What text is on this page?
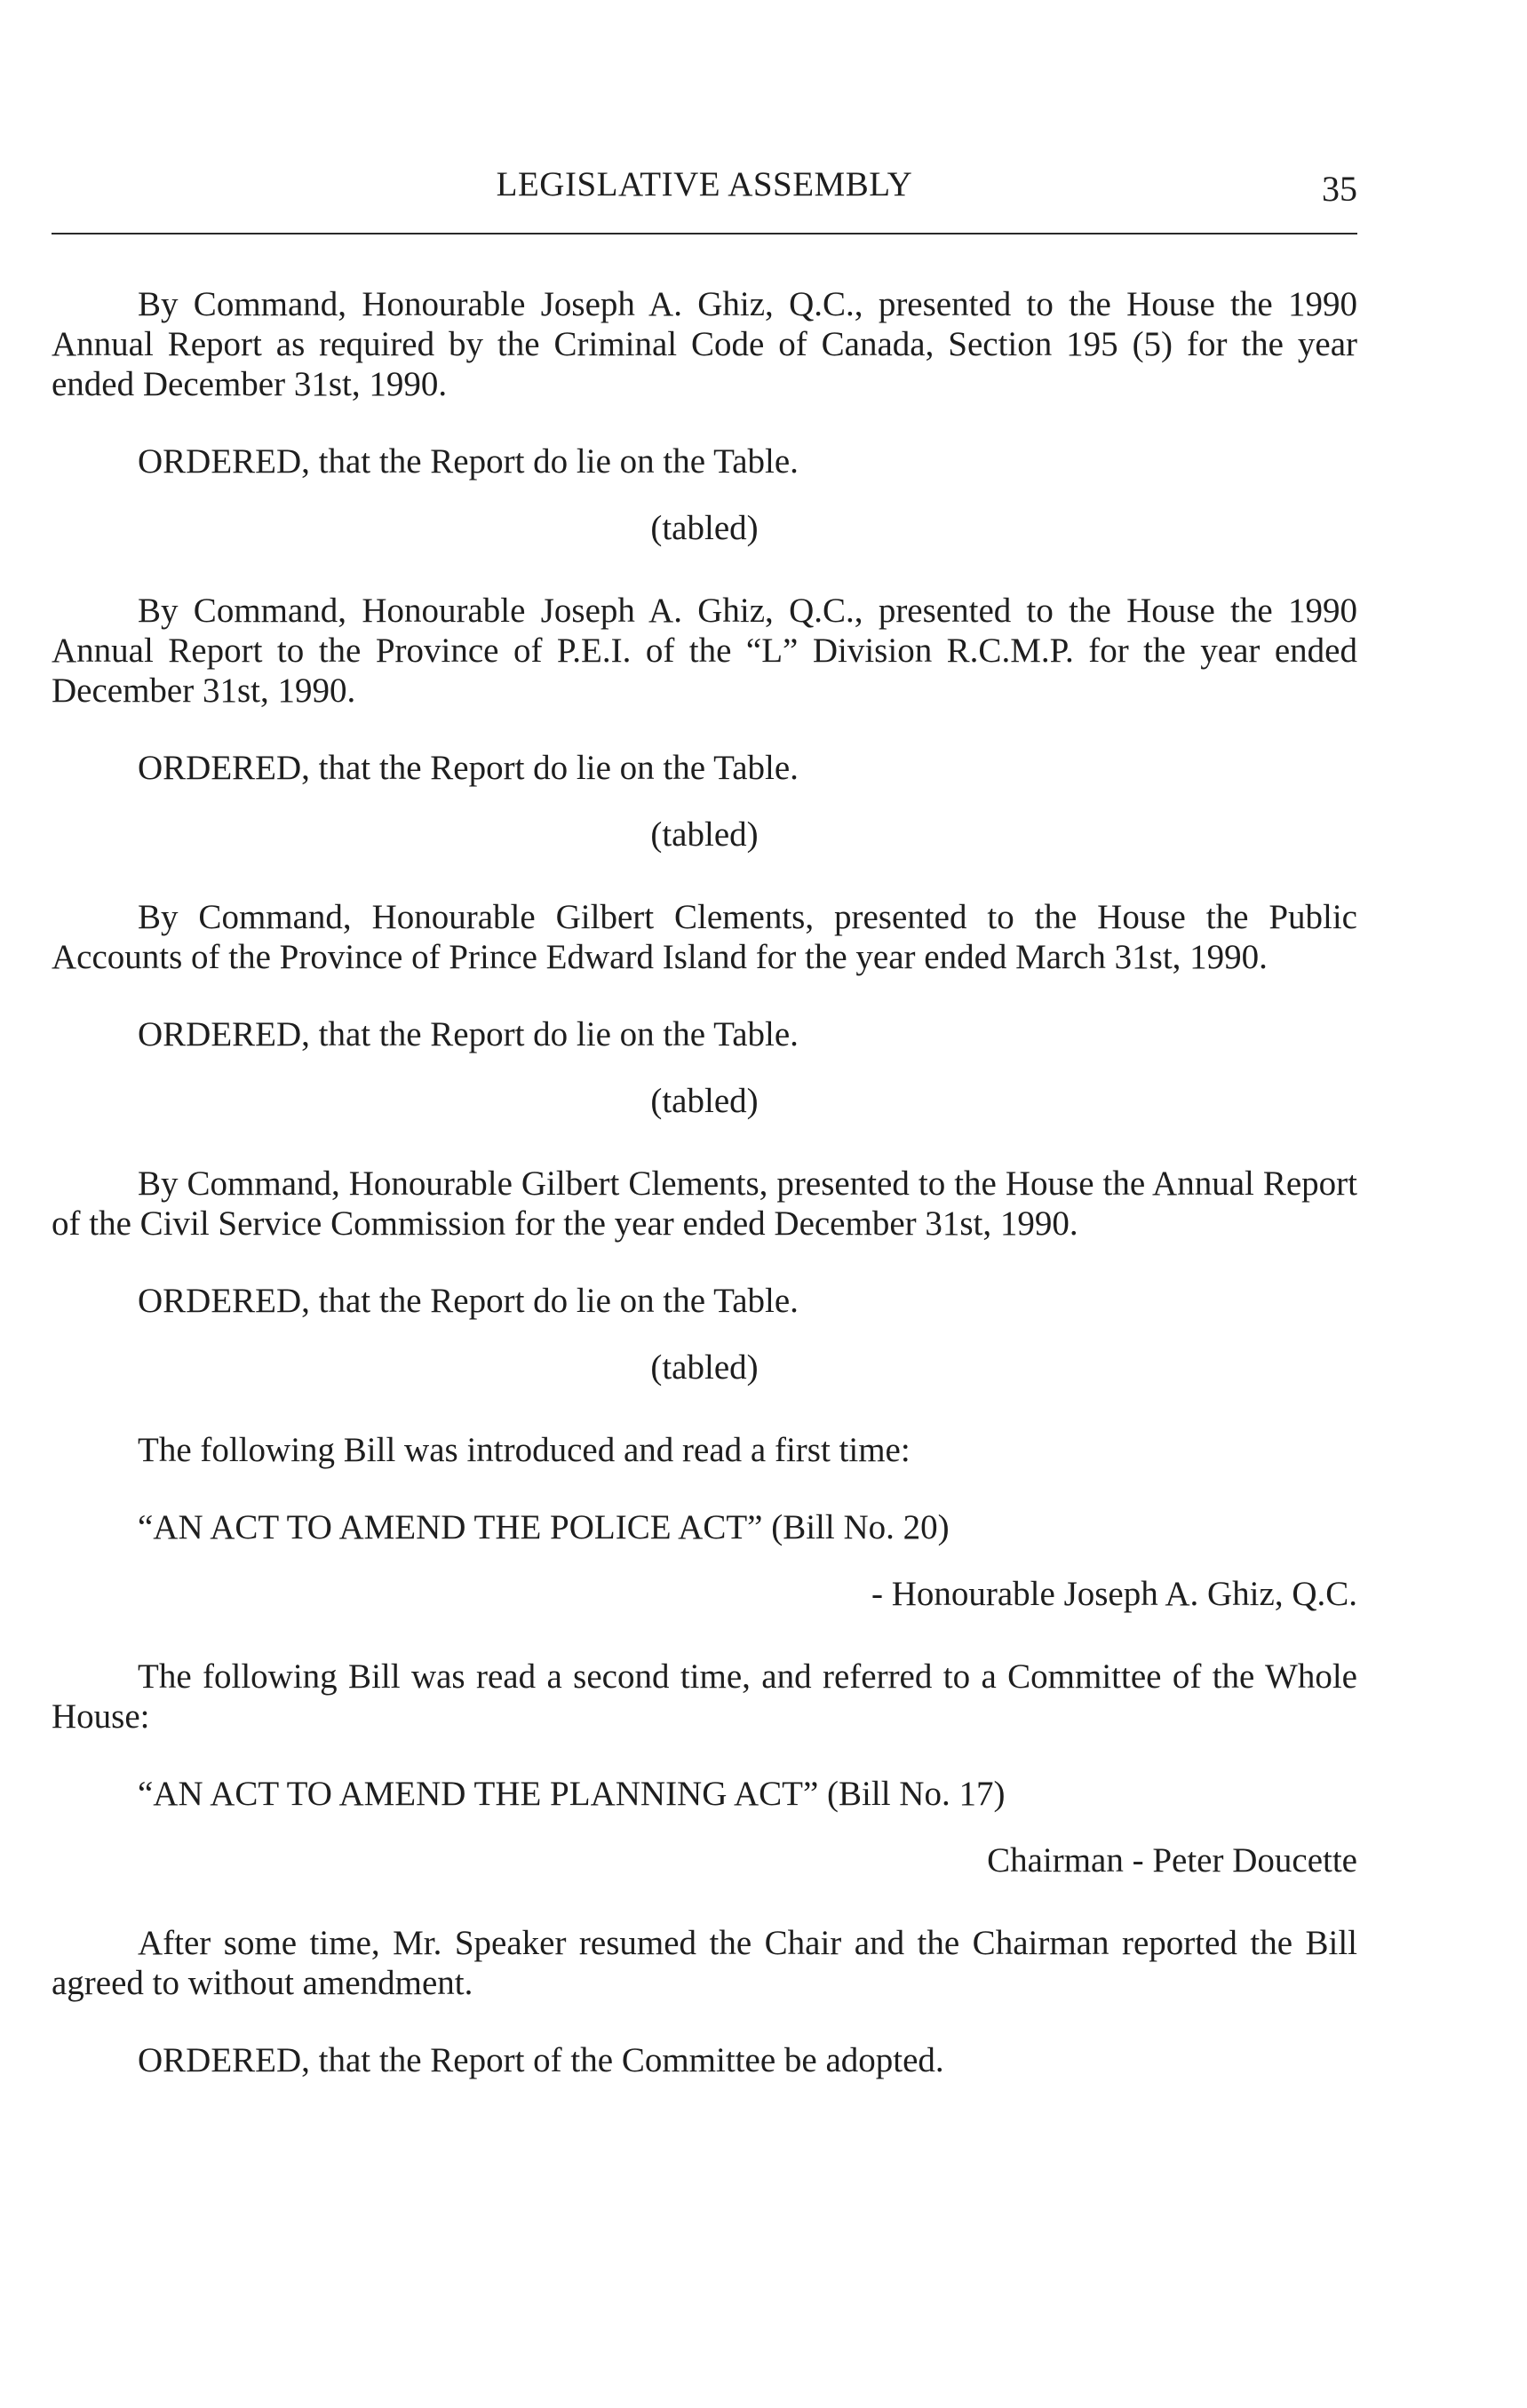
LEGISLATIVE ASSEMBLY	35

By Command, Honourable Joseph A. Ghiz, Q.C., presented to the House the 1990 Annual Report as required by the Criminal Code of Canada, Section 195 (5) for the year ended December 31st, 1990.

ORDERED, that the Report do lie on the Table.

(tabled)

By Command, Honourable Joseph A. Ghiz, Q.C., presented to the House the 1990 Annual Report to the Province of P.E.I. of the “L” Division R.C.M.P. for the year ended December 31st, 1990.

ORDERED, that the Report do lie on the Table.

(tabled)

By Command, Honourable Gilbert Clements, presented to the House the Public Accounts of the Province of Prince Edward Island for the year ended March 31st, 1990.

ORDERED, that the Report do lie on the Table.

(tabled)

By Command, Honourable Gilbert Clements, presented to the House the Annual Report of the Civil Service Commission for the year ended December 31st, 1990.

ORDERED, that the Report do lie on the Table.

(tabled)

The following Bill was introduced and read a first time:

“AN ACT TO AMEND THE POLICE ACT” (Bill No. 20)

- Honourable Joseph A. Ghiz, Q.C.

The following Bill was read a second time, and referred to a Committee of the Whole House:

“AN ACT TO AMEND THE PLANNING ACT” (Bill No. 17)

Chairman - Peter Doucette

After some time, Mr. Speaker resumed the Chair and the Chairman reported the Bill agreed to without amendment.

ORDERED, that the Report of the Committee be adopted.
